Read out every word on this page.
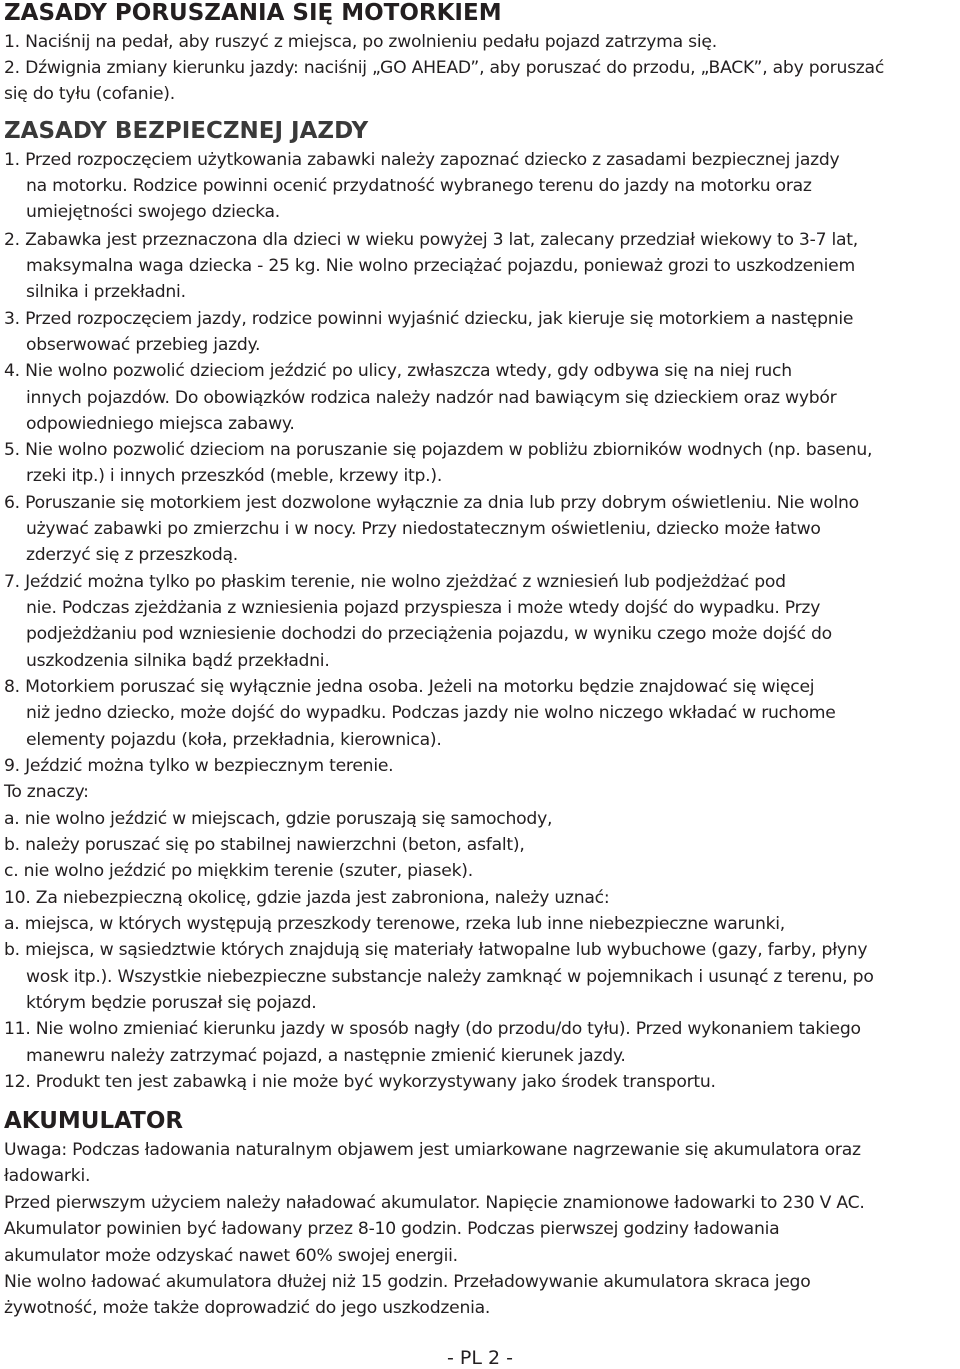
ZASADY PORUSZANIA SIĘ MOTORKIEM
1. Naciśnij na pedał, aby ruszyć z miejsca, po zwolnieniu pedału pojazd zatrzyma się.
2. Dźwignia zmiany kierunku jazdy: naciśnij „GO AHEAD”, aby poruszać do przodu, „BACK”, aby poruszać
się do tyłu (cofanie).
ZASADY BEZPIECZNEJ JAZDY
1. Przed rozpoczęciem użytkowania zabawki należy zapoznać dziecko z zasadami bezpiecznej jazdy
na motorku. Rodzice powinni ocenić przydatność wybranego terenu do jazdy na motorku oraz
umiejętności swojego dziecka.
2. Zabawka jest przeznaczona dla dzieci w wieku powyżej 3 lat, zalecany przedział wiekowy to 3-7 lat,
maksymalna waga dziecka - 25 kg. Nie wolno przeciążać pojazdu, ponieważ grozi to uszkodzeniem
silnika i przekładni.
3. Przed rozpoczęciem jazdy, rodzice powinni wyjaśnić dziecku, jak kieruje się motorkiem a następnie
obserwować przebieg jazdy.
4. Nie wolno pozwolić dzieciom jeździć po ulicy, zwłaszcza wtedy, gdy odbywa się na niej ruch
innych pojazdów. Do obowiązków rodzica należy nadzór nad bawiącym się dzieckiem oraz wybór
odpowiedniego miejsca zabawy.
5. Nie wolno pozwolić dzieciom na poruszanie się pojazdem w pobliżu zbiorników wodnych (np. basenu,
rzeki itp.) i innych przeszkód (meble, krzewy itp.).
6. Poruszanie się motorkiem jest dozwolone wyłącznie za dnia lub przy dobrym oświetleniu. Nie wolno
używać zabawki po zmierzchu i w nocy. Przy niedostatecznym oświetleniu, dziecko może łatwo
zderzyć się z przeszkodą.
7. Jeździć można tylko po płaskim terenie, nie wolno zjeżdżać z wzniesień lub podjeżdżać pod
nie. Podczas zjeżdżania z wzniesienia pojazd przyspiesza i może wtedy dojść do wypadku. Przy
podjeżdżaniu pod wzniesienie dochodzi do przeciążenia pojazdu, w wyniku czego może dojść do
uszkodzenia silnika bądź przekładni.
8. Motorkiem poruszać się wyłącznie jedna osoba. Jeżeli na motorku będzie znajdować się więcej
niż jedno dziecko, może dojść do wypadku. Podczas jazdy nie wolno niczego wkładać w ruchome
elementy pojazdu (koła, przekładnia, kierownica).
9. Jeździć można tylko w bezpiecznym terenie.
To znaczy:
a. nie wolno jeździć w miejscach, gdzie poruszają się samochody,
b. należy poruszać się po stabilnej nawierzchni (beton, asfalt),
c. nie wolno jeździć po miękkim terenie (szuter, piasek).
10. Za niebezpieczną okolicę, gdzie jazda jest zabroniona, należy uznać:
a. miejsca, w których występują przeszkody terenowe, rzeka lub inne niebezpieczne warunki,
b. miejsca, w sąsiedztwie których znajdują się materiały łatwopalne lub wybuchowe (gazy, farby, płyny
wosk itp.). Wszystkie niebezpieczne substancje należy zamknąć w pojemnikach i usunąć z terenu, po
którym będzie poruszał się pojazd.
11. Nie wolno zmieniać kierunku jazdy w sposób nagły (do przodu/do tyłu). Przed wykonaniem takiego
manewru należy zatrzymać pojazd, a następnie zmienić kierunek jazdy.
12. Produkt ten jest zabawką i nie może być wykorzystywany jako środek transportu.
AKUMULATOR
Uwaga: Podczas ładowania naturalnym objawem jest umiarkowane nagrzewanie się akumulatora oraz
ładowarki.
Przed pierwszym użyciem należy naładować akumulator. Napięcie znamionowe ładowarki to 230 V AC.
Akumulator powinien być ładowany przez 8-10 godzin. Podczas pierwszej godziny ładowania
akumulator może odzyskać nawet 60% swojej energii.
Nie wolno ładować akumulatora dłużej niż 15 godzin. Przeładowywanie akumulatora skraca jego
żywotność, może także doprowadzić do jego uszkodzenia.
- PL 2 -
